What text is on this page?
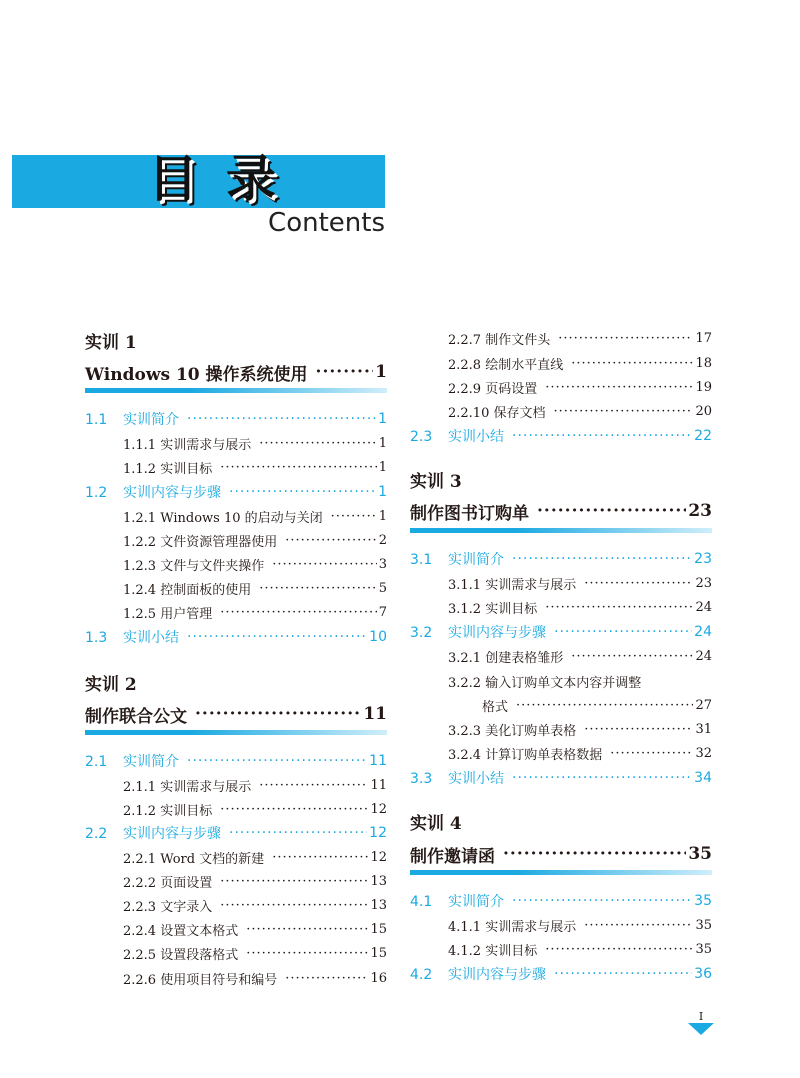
目录
Contents
实训 1
Windows 10 操作系统使用 ·····	1
1.1 实训简介 ·····	1
1.1.1 实训需求与展示 ·····	1
1.1.2 实训目标 ·····	1
1.2 实训内容与步骤 ·····	1
1.2.1 Windows 10 的启动与关闭 ·····	1
1.2.2 文件资源管理器使用 ·····	2
1.2.3 文件与文件夹操作 ·····	3
1.2.4 控制面板的使用 ·····	5
1.2.5 用户管理 ·····	7
1.3 实训小结 ·····	10
实训 2
制作联合公文 ·····	11
2.1 实训简介 ·····	11
2.1.1 实训需求与展示 ·····	11
2.1.2 实训目标 ·····	12
2.2 实训内容与步骤 ·····	12
2.2.1 Word 文档的新建 ·····	12
2.2.2 页面设置 ·····	13
2.2.3 文字录入 ·····	13
2.2.4 设置文本格式 ·····	15
2.2.5 设置段落格式 ·····	15
2.2.6 使用项目符号和编号 ·····	16
2.2.7 制作文件头 ·····	17
2.2.8 绘制水平直线 ·····	18
2.2.9 页码设置 ·····	19
2.2.10 保存文档 ·····	20
2.3 实训小结 ·····	22
实训 3
制作图书订购单 ·····	23
3.1 实训简介 ·····	23
3.1.1 实训需求与展示 ·····	23
3.1.2 实训目标 ·····	24
3.2 实训内容与步骤 ·····	24
3.2.1 创建表格雏形 ·····	24
3.2.2 输入订购单文本内容并调整
格式 ·····	27
3.2.3 美化订购单表格 ·····	31
3.2.4 计算订购单表格数据 ·····	32
3.3 实训小结 ·····	34
实训 4
制作邀请函 ·····	35
4.1 实训简介 ·····	35
4.1.1 实训需求与展示 ·····	35
4.1.2 实训目标 ·····	35
4.2 实训内容与步骤 ·····	36
I
